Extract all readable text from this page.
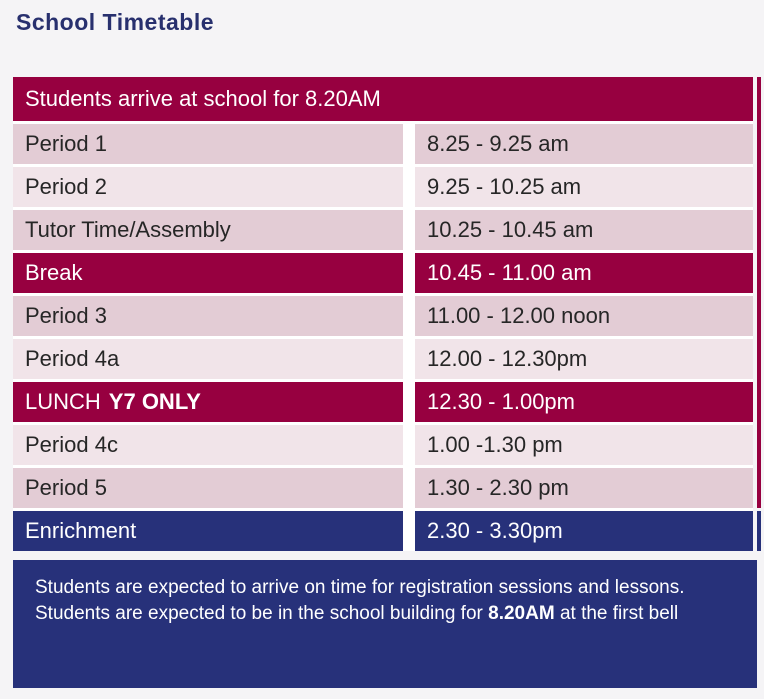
School Timetable
Students arrive at school for 8.20AM
Period 1	8.25 - 9.25 am
Period 2	9.25 - 10.25 am
Tutor Time/Assembly	10.25 - 10.45 am
Break	10.45 - 11.00 am
Period 3	11.00 - 12.00 noon
Period 4a	12.00 - 12.30pm
LUNCH Y7 ONLY	12.30 - 1.00pm
Period 4c	1.00 -1.30 pm
Period 5	1.30 - 2.30 pm
Enrichment	2.30 - 3.30pm
Students are expected to arrive on time for registration sessions and lessons. Students are expected to be in the school building for 8.20AM at the first bell
